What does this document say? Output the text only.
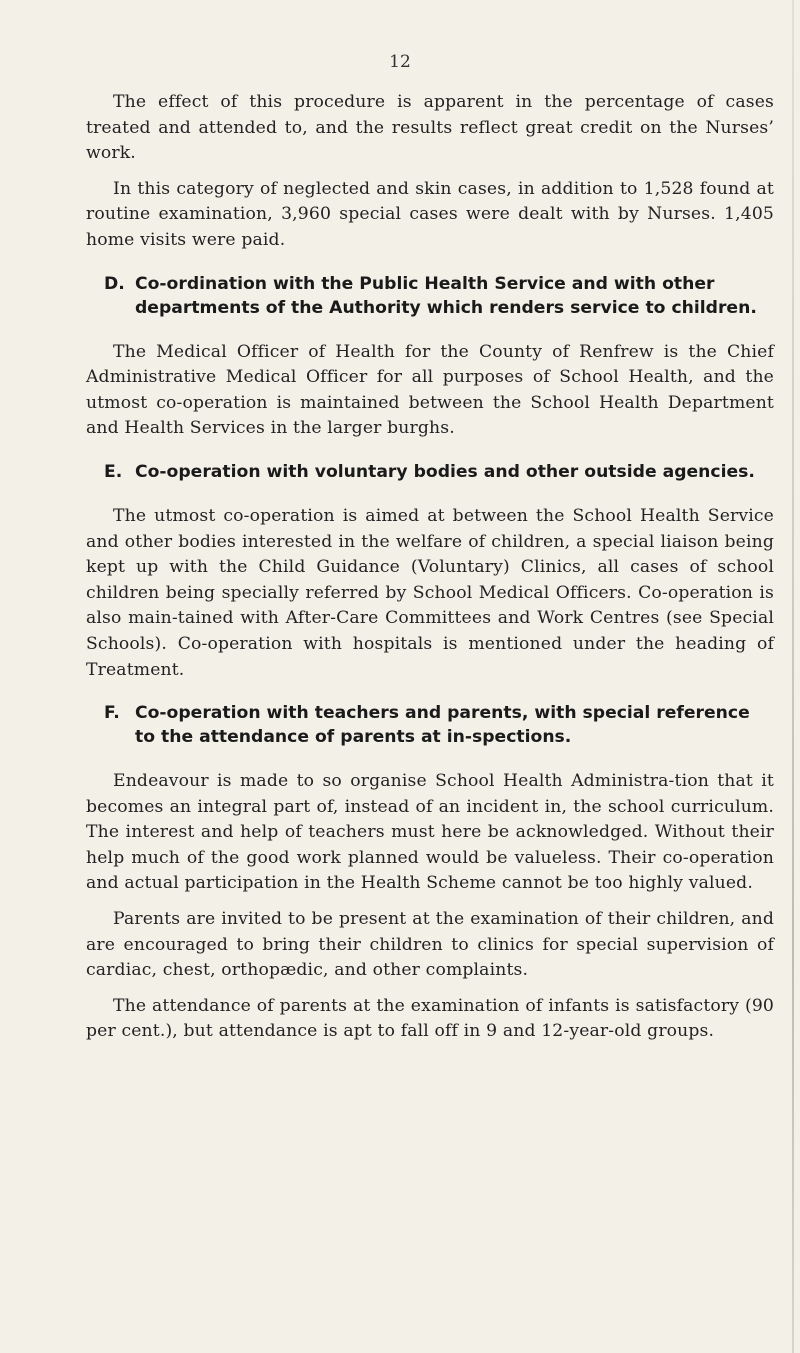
12

The effect of this procedure is apparent in the percentage of cases treated and attended to, and the results reflect great credit on the Nurses’ work.

In this category of neglected and skin cases, in addition to 1,528 found at routine examination, 3,960 special cases were dealt with by Nurses. 1,405 home visits were paid.

D. Co-ordination with the Public Health Service and with other departments of the Authority which renders service to children.

The Medical Officer of Health for the County of Renfrew is the Chief Administrative Medical Officer for all purposes of School Health, and the utmost co-operation is maintained between the School Health Department and Health Services in the larger burghs.

E. Co-operation with voluntary bodies and other outside agencies.

The utmost co-operation is aimed at between the School Health Service and other bodies interested in the welfare of children, a special liaison being kept up with the Child Guidance (Voluntary) Clinics, all cases of school children being specially referred by School Medical Officers. Co-operation is also main-tained with After-Care Committees and Work Centres (see Special Schools). Co-operation with hospitals is mentioned under the heading of Treatment.

F. Co-operation with teachers and parents, with special reference to the attendance of parents at in-spections.

Endeavour is made to so organise School Health Administra-tion that it becomes an integral part of, instead of an incident in, the school curriculum. The interest and help of teachers must here be acknowledged. Without their help much of the good work planned would be valueless. Their co-operation and actual participation in the Health Scheme cannot be too highly valued.

Parents are invited to be present at the examination of their children, and are encouraged to bring their children to clinics for special supervision of cardiac, chest, orthopædic, and other complaints.

The attendance of parents at the examination of infants is satisfactory (90 per cent.), but attendance is apt to fall off in 9 and 12-year-old groups.
